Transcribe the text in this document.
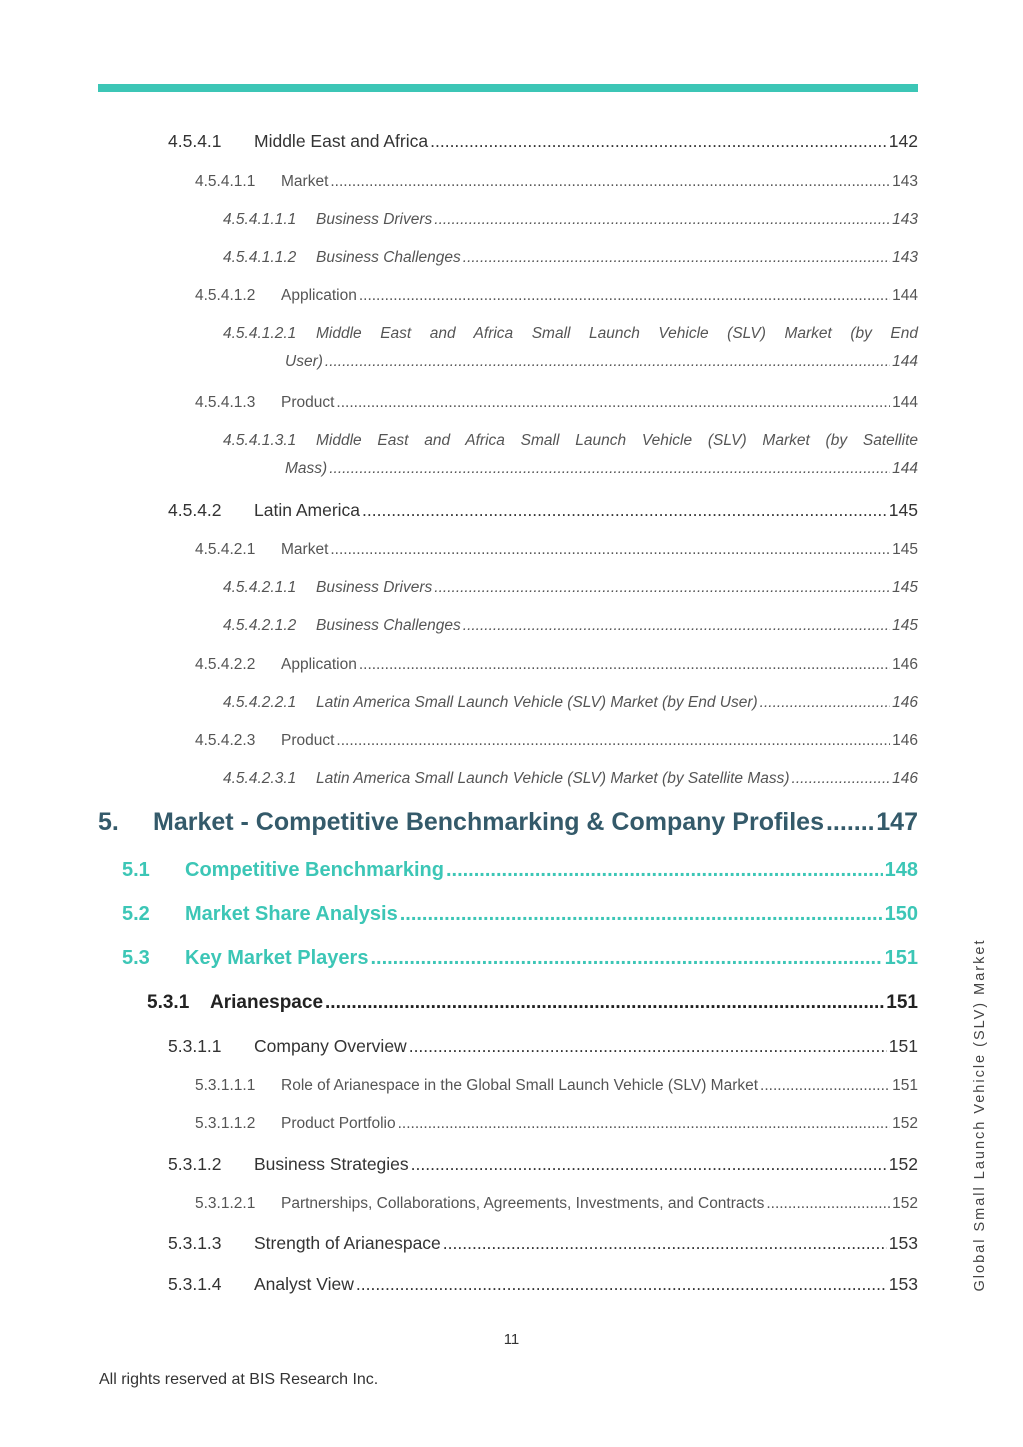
4.5.4.1	Middle East and Africa .....	142
4.5.4.1.1	Market .....	143
4.5.4.1.1.1	Business Drivers .....	143
4.5.4.1.1.2	Business Challenges .....	143
4.5.4.1.2	Application .....	144
4.5.4.1.2.1	Middle East and Africa Small Launch Vehicle (SLV) Market (by End
User) .....	144
4.5.4.1.3	Product .....	144
4.5.4.1.3.1	Middle East and Africa Small Launch Vehicle (SLV) Market (by Satellite
Mass) .....	144
4.5.4.2	Latin America .....	145
4.5.4.2.1	Market .....	145
4.5.4.2.1.1	Business Drivers .....	145
4.5.4.2.1.2	Business Challenges .....	145
4.5.4.2.2	Application .....	146
4.5.4.2.2.1	Latin America Small Launch Vehicle (SLV) Market (by End User) .....	146
4.5.4.2.3	Product .....	146
4.5.4.2.3.1	Latin America Small Launch Vehicle (SLV) Market (by Satellite Mass) .....	146
5.	Market - Competitive Benchmarking & Company Profiles ..... 147
5.1	Competitive Benchmarking .....	148
5.2	Market Share Analysis .....	150
5.3	Key Market Players .....	151
5.3.1	Arianespace .....	151
5.3.1.1	Company Overview .....	151
5.3.1.1.1	Role of Arianespace in the Global Small Launch Vehicle (SLV) Market .....	151
5.3.1.1.2	Product Portfolio .....	152
5.3.1.2	Business Strategies .....	152
5.3.1.2.1	Partnerships, Collaborations, Agreements, Investments, and Contracts .....	152
5.3.1.3	Strength of Arianespace .....	153
5.3.1.4	Analyst View .....	153
11
All rights reserved at BIS Research Inc.
Global Small Launch Vehicle (SLV) Market
